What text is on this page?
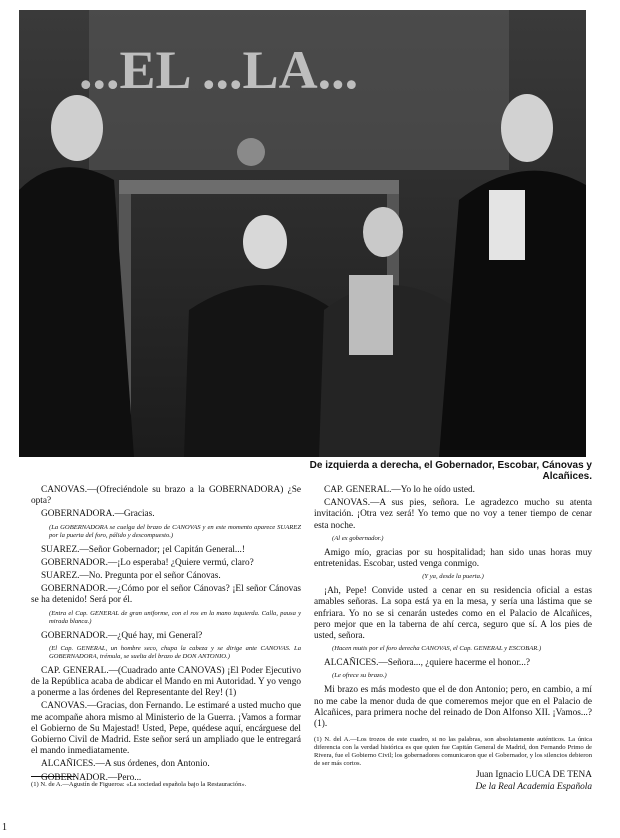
...EL ...LA...
De izquierda a derecha, el Gobernador, Escobar, Cánovas y Alcañices.

CANOVAS.—(Ofreciéndole su brazo a la GOBERNADORA) ¿Se opta?

GOBERNADORA.—Gracias.

(La GOBERNADORA se cuelga del brazo de CANOVAS y en este momento aparece SUAREZ por la puerta del foro, pálido y descompuesto.)

SUAREZ.—Señor Gobernador; ¡el Capitán General...!

GOBERNADOR.—¡Lo esperaba! ¿Quiere vermú, claro?

SUAREZ.—No. Pregunta por el señor Cánovas.

GOBERNADOR.—¿Cómo por el señor Cánovas? ¡El señor Cánovas se ha detenido! Será por él.

(Entra el Cap. GENERAL de gran uniforme, con el ros en la mano izquierda. Calla, pausa y mirada blanca.)

GOBERNADOR.—¿Qué hay, mi General?

(El Cap. GENERAL, un hombre seco, chupa la cabeza y se dirige ante CANOVAS. La GOBERNADORA, trémula, se suelta del brazo de DON ANTONIO.)

CAP. GENERAL.—(Cuadrado ante CANOVAS) ¡El Poder Ejecutivo de la República acaba de abdicar el Mando en mi Autoridad. Y yo vengo a ponerme a las órdenes del Representante del Rey! (1)

CANOVAS.—Gracias, don Fernando. Le estimaré a usted mucho que me acompañe ahora mismo al Ministerio de la Guerra. ¡Vamos a formar el Gobierno de Su Majestad! Usted, Pepe, quédese aquí, encárguese del Gobierno Civil de Madrid. Este señor será un ampliado que le entregará el mando inmediatamente.

ALCAÑICES.—A sus órdenes, don Antonio.

GOBERNADOR.—Pero...

CAP. GENERAL.—Yo lo he oído usted.

CANOVAS.—A sus pies, señora. Le agradezco mucho su atenta invitación. ¡Otra vez será! Yo temo que no voy a tener tiempo de cenar esta noche.

(Al ex gobernador.)

Amigo mío, gracias por su hospitalidad; han sido unas horas muy entretenidas. Escobar, usted venga conmigo.

(Y ya, desde la puerta.)

¡Ah, Pepe! Convide usted a cenar en su residencia oficial a estas amables señoras. La sopa está ya en la mesa, y sería una lástima que se enfriara. Yo no se si cenarán ustedes como en el Palacio de Alcañices, pero mejor que en la taberna de ahí cerca, seguro que sí. A los pies de usted, señora.

(Hacen mutis por el foro derecha CANOVAS, el Cap. GENERAL y ESCOBAR.)

ALCAÑICES.—Señora..., ¿quiere hacerme el honor...?

(Le ofrece su brazo.)

Mi brazo es más modesto que el de don Antonio; pero, en cambio, a mí no me cabe la menor duda de que comeremos mejor que en el Palacio de Alcañices, para primera noche del reinado de Don Alfonso XII. ¡Vamos...? (1).

(1) N. de A.—Agustín de Figueroa: «La sociedad española bajo la Restauración».
(1) N. del A.—Los trozos de este cuadro, si no las palabras, son absolutamente auténticos. La única diferencia con la verdad histórica es que quien fue Capitán General de Madrid, don Fernando Primo de Rivera, fue el Gobierno Civil; los gobernadores comunicaron que el Gobernador, y los silencios debieron de ser más cortos.
Juan Ignacio LUCA DE TENA
De la Real Academia Española
1
